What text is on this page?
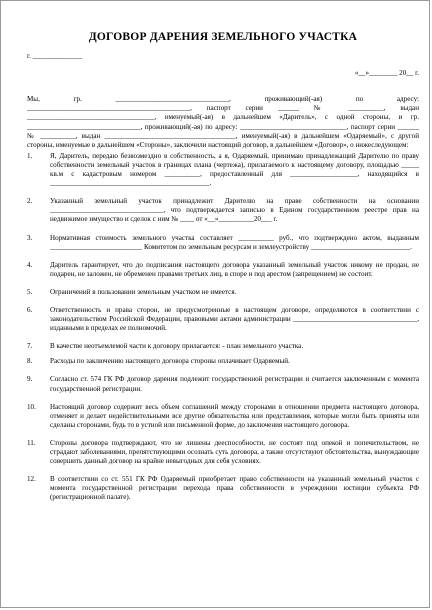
ДОГОВОР ДАРЕНИЯ ЗЕМЕЛЬНОГО УЧАСТКА
г. ______________
«__»________ 20__ г.
Мы, гр. ________________________________, проживающий(-ая) по адресу: ______________________________________________, паспорт серии ______ № __________, выдан ____________________________________, именуемый(-ая) в дальнейшем «Даритель», с одной стороны, и гр. ________________________________, проживающий(-ая) по адресу: ______________________________, паспорт серии ______ № __________, выдан _____________________________________, именуемый(-ая) в дальнейшем «Одаряемый», с другой стороны, именуемые в дальнейшем «Стороны», заключили настоящий договор, в дальнейшем «Договор», о нижеследующем:
1.	Я, Даритель, передаю безвозмездно в собственность, а я, Одаряемый, принимаю принадлежащий Дарителю по праву собственности земельный участок в границах плана (чертежа), прилагаемого к настоящему договору, площадью _____ кв.м с кадастровым номером __________, предоставленный для ___________________, находящийся в _____________________________________________.
2.	Указанный земельный участок принадлежит Дарителю на праве собственности на основании ________________________________, что подтверждается записью в Едином государственном реестре прав на недвижимое имущество и сделок с ним № ____ от «__»__________20___ г.
3.	Нормативная стоимость земельного участка составляет __________ руб., что подтверждено актом, выданным __________________________ Комитетом по земельным ресурсам и землеустройству ____________________________.
4.	Даритель гарантирует, что до подписания настоящего договора указанный земельный участок никому не продан, не подарен, не заложен, не обременен правами третьих лиц, в споре и под арестом (запрещением) не состоит.
5.	Ограничений в пользовании земельным участком не имеется.
6.	Ответственность и права сторон, не предусмотренные в настоящем договоре, определяются в соответствии с законодательством Российской Федерации, правовыми актами администрации ___________________________________, изданными в пределах ее полномочий.
7.	В качестве неотъемлемой части к договору прилагается: - план земельного участка.
8.	Расходы по заключению настоящего договора стороны оплачивает Одаряемый.
9.	Согласно ст. 574 ГК РФ договор дарения подлежит государственной регистрации и считается заключенным с момента государственной регистрации.
10.	Настоящий договор содержит весь объем соглашений между сторонами в отношении предмета настоящего договора, отменяет и делает недействительными все другие обязательства или представления, которые могли быть приняты или сделаны сторонами, будь то в устной или письменной форме, до заключения настоящего договора.
11.	Стороны договора подтверждают, что не лишены дееспособности, не состоят под опекой и попечительством, не страдают заболеваниями, препятствующими осознать суть договора, а также отсутствуют обстоятельства, вынуждающие совершить данный договор на крайне невыгодных для себя условиях.
12.	В соответствии со ст. 551 ГК РФ Одаряемый приобретает право собственности на указанный земельный участок с момента государственной регистрации перехода права собственности в учреждении юстиции субъекта РФ (регистрационной палате).
